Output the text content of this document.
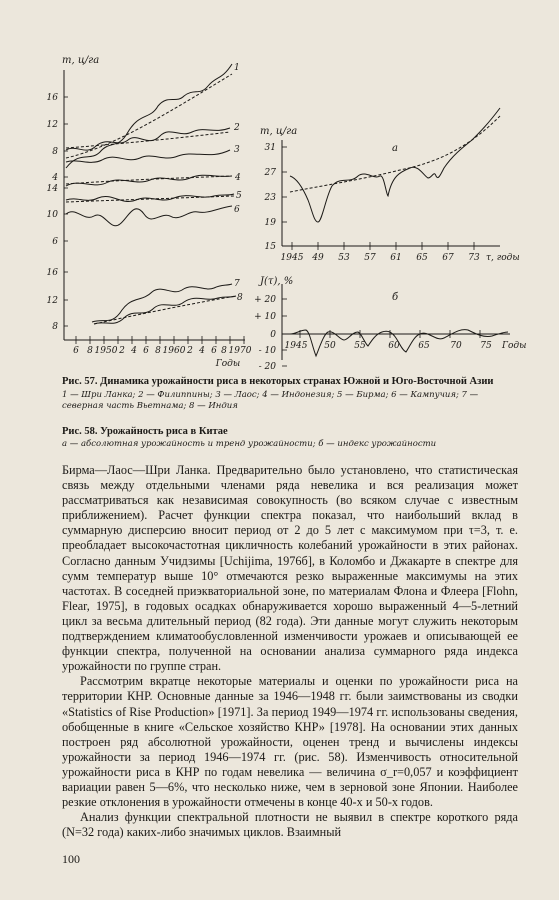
m, ц/га
16
12
8
4
14
10
6
16
12
8
6 8 1950 2 4 6 8 1960 2 4 6 8 1970
Годы
1
2
3
4
5
6
7
8
m, ц/га
а
31
27
23
19
15
1945 49 53 57 61 65 67 73 τ, годы
J(τ), %
б
+ 20
+ 10
0
- 10
- 20
1945 50 55	60 65 70 75 Годы
Рис. 57. Динамика урожайности риса в некоторых странах Южной и Юго-Восточной Азии
1 — Шри Ланка; 2 — Филиппины; 3 — Лаос; 4 — Индонезия; 5 — Бирма; 6 — Кампучия; 7 — северная часть Вьетнама; 8 — Индия
Рис. 58. Урожайность риса в Китае
а — абсолютная урожайность и тренд урожайности; б — индекс урожайности

Бирма—Лаос—Шри Ланка. Предварительно было установлено, что статистическая связь между отдельными членами ряда невелика и вся реализация может рассматриваться как независимая совокупность (во всяком случае с известным приближением). Расчет функции спектра показал, что наибольший вклад в суммарную дисперсию вносит период от 2 до 5 лет с максимумом при τ=3, т. е. преобладает высокочастотная цикличность колебаний урожайности в этих районах. Согласно данным Учидзимы [Uchijima, 1976б], в Коломбо и Джакарте в спектре для сумм температур выше 10° отмечаются резко выраженные максимумы на этих частотах. В соседней приэкваториальной зоне, по материалам Флона и Флеера [Flohn, Flear, 1975], в годовых осадках обнаруживается хорошо выраженный 4—5-летний цикл за весьма длительный период (82 года). Эти данные могут служить некоторым подтверждением климатообусловленной изменчивости урожаев и описывающей ее функции спектра, полученной на основании анализа суммарного ряда индекса урожайности по группе стран.

Рассмотрим вкратце некоторые материалы и оценки по урожайности риса на территории КНР. Основные данные за 1946—1948 гг. были заимствованы из сводки «Statistics of Rise Production» [1971]. За период 1949—1974 гг. использованы сведения, обобщенные в книге «Сельское хозяйство КНР» [1978]. На основании этих данных построен ряд абсолютной урожайности, оценен тренд и вычислены индексы урожайности за период 1946—1974 гг. (рис. 58). Изменчивость относительной урожайности риса в КНР по годам невелика — величина σ_r=0,057 и коэффициент вариации равен 5—6%, что несколько ниже, чем в зерновой зоне Японии. Наиболее резкие отклонения в урожайности отмечены в конце 40-х и 50-х годов.

Анализ функции спектральной плотности не выявил в спектре короткого ряда (N=32 года) каких-либо значимых циклов. Взаимный

100
